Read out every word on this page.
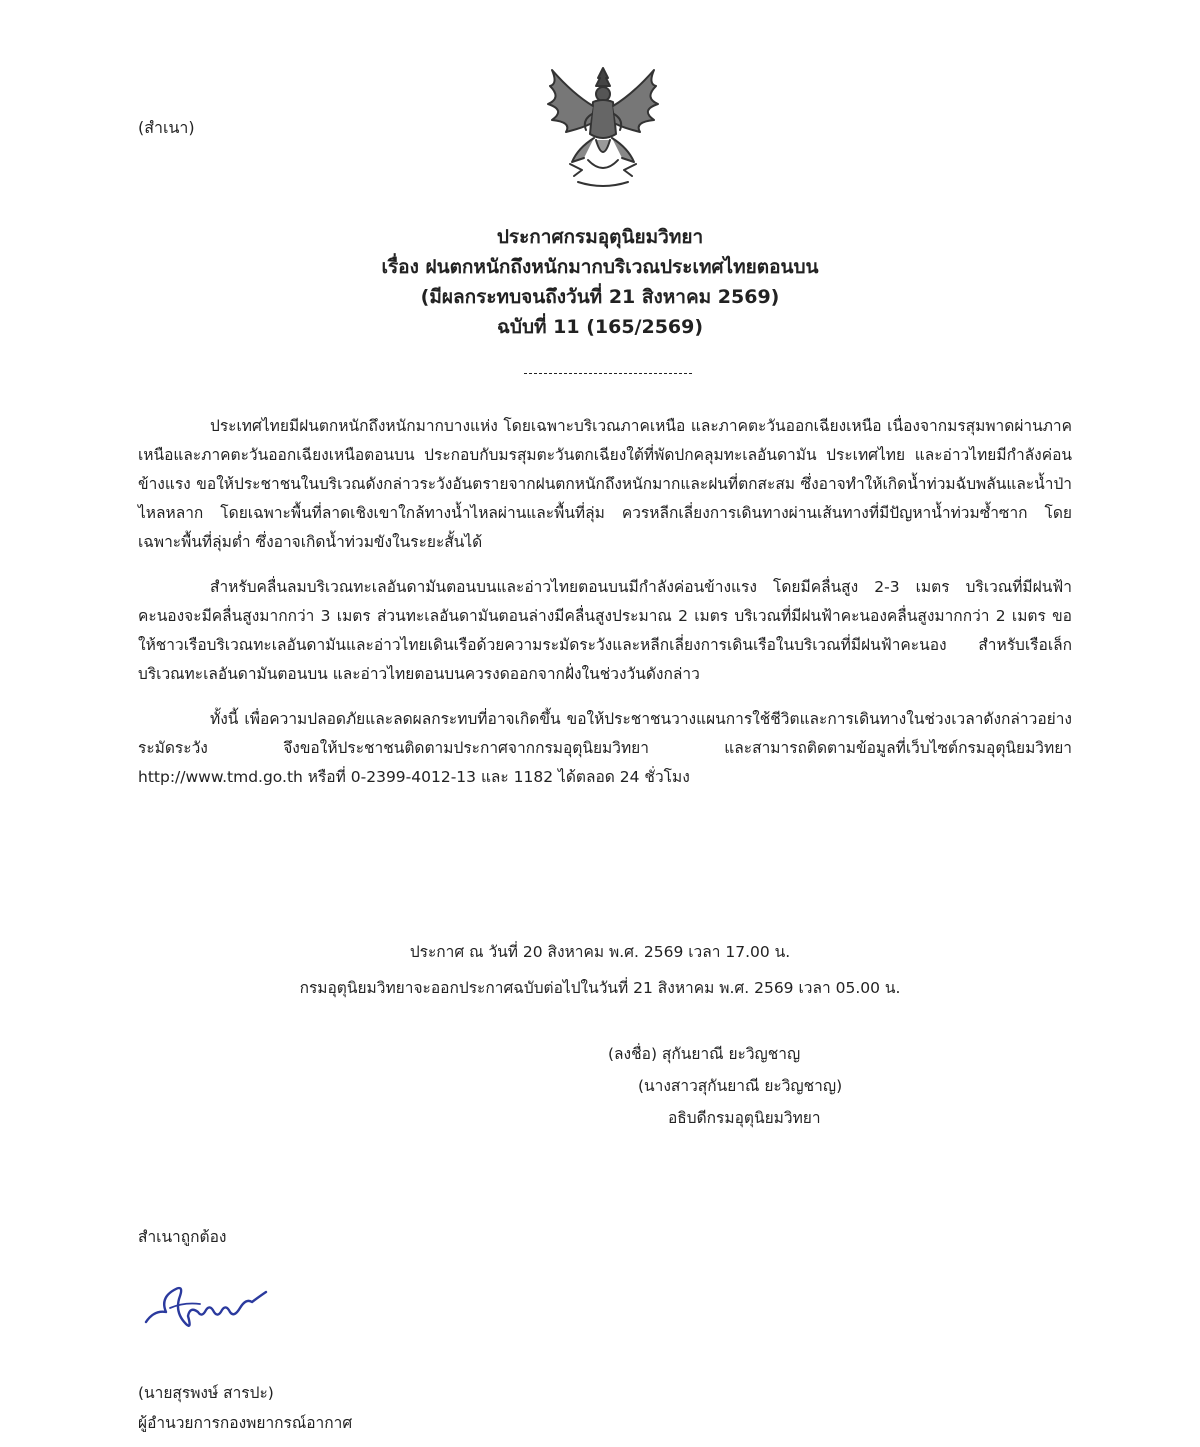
(สำเนา)
ประกาศกรมอุตุนิยมวิทยา
เรื่อง ฝนตกหนักถึงหนักมากบริเวณประเทศไทยตอนบน
(มีผลกระทบจนถึงวันที่ 21 สิงหาคม 2569)
ฉบับที่ 11 (165/2569)

ประเทศไทยมีฝนตกหนักถึงหนักมากบางแห่ง โดยเฉพาะบริเวณภาคเหนือ และภาคตะวันออกเฉียงเหนือ เนื่องจากมรสุมพาดผ่านภาคเหนือและภาคตะวันออกเฉียงเหนือตอนบน ประกอบกับมรสุมตะวันตกเฉียงใต้ที่พัดปกคลุมทะเลอันดามัน ประเทศไทย และอ่าวไทยมีกำลังค่อนข้างแรง ขอให้ประชาชนในบริเวณดังกล่าวระวังอันตรายจากฝนตกหนักถึงหนักมากและฝนที่ตกสะสม ซึ่งอาจทำให้เกิดน้ำท่วมฉับพลันและน้ำป่าไหลหลาก โดยเฉพาะพื้นที่ลาดเชิงเขาใกล้ทางน้ำไหลผ่านและพื้นที่ลุ่ม ควรหลีกเลี่ยงการเดินทางผ่านเส้นทางที่มีปัญหาน้ำท่วมซ้ำซาก โดยเฉพาะพื้นที่ลุ่มต่ำ ซึ่งอาจเกิดน้ำท่วมขังในระยะสั้นได้

สำหรับคลื่นลมบริเวณทะเลอันดามันตอนบนและอ่าวไทยตอนบนมีกำลังค่อนข้างแรง โดยมีคลื่นสูง 2-3 เมตร บริเวณที่มีฝนฟ้าคะนองจะมีคลื่นสูงมากกว่า 3 เมตร ส่วนทะเลอันดามันตอนล่างมีคลื่นสูงประมาณ 2 เมตร บริเวณที่มีฝนฟ้าคะนองคลื่นสูงมากกว่า 2 เมตร ขอให้ชาวเรือบริเวณทะเลอันดามันและอ่าวไทยเดินเรือด้วยความระมัดระวังและหลีกเลี่ยงการเดินเรือในบริเวณที่มีฝนฟ้าคะนอง สำหรับเรือเล็กบริเวณทะเลอันดามันตอนบน และอ่าวไทยตอนบนควรงดออกจากฝั่งในช่วงวันดังกล่าว

ทั้งนี้ เพื่อความปลอดภัยและลดผลกระทบที่อาจเกิดขึ้น ขอให้ประชาชนวางแผนการใช้ชีวิตและการเดินทางในช่วงเวลาดังกล่าวอย่างระมัดระวัง จึงขอให้ประชาชนติดตามประกาศจากกรมอุตุนิยมวิทยา และสามารถติดตามข้อมูลที่เว็บไซต์กรมอุตุนิยมวิทยา http://www.tmd.go.th หรือที่ 0-2399-4012-13 และ 1182 ได้ตลอด 24 ชั่วโมง

ประกาศ ณ วันที่ 20 สิงหาคม พ.ศ. 2569 เวลา 17.00 น.
กรมอุตุนิยมวิทยาจะออกประกาศฉบับต่อไปในวันที่ 21 สิงหาคม พ.ศ. 2569 เวลา 05.00 น.
(ลงชื่อ) สุกันยาณี ยะวิญชาญ
(นางสาวสุกันยาณี ยะวิญชาญ)
อธิบดีกรมอุตุนิยมวิทยา
สำเนาถูกต้อง
(นายสุรพงษ์ สารปะ)
ผู้อำนวยการกองพยากรณ์อากาศ
